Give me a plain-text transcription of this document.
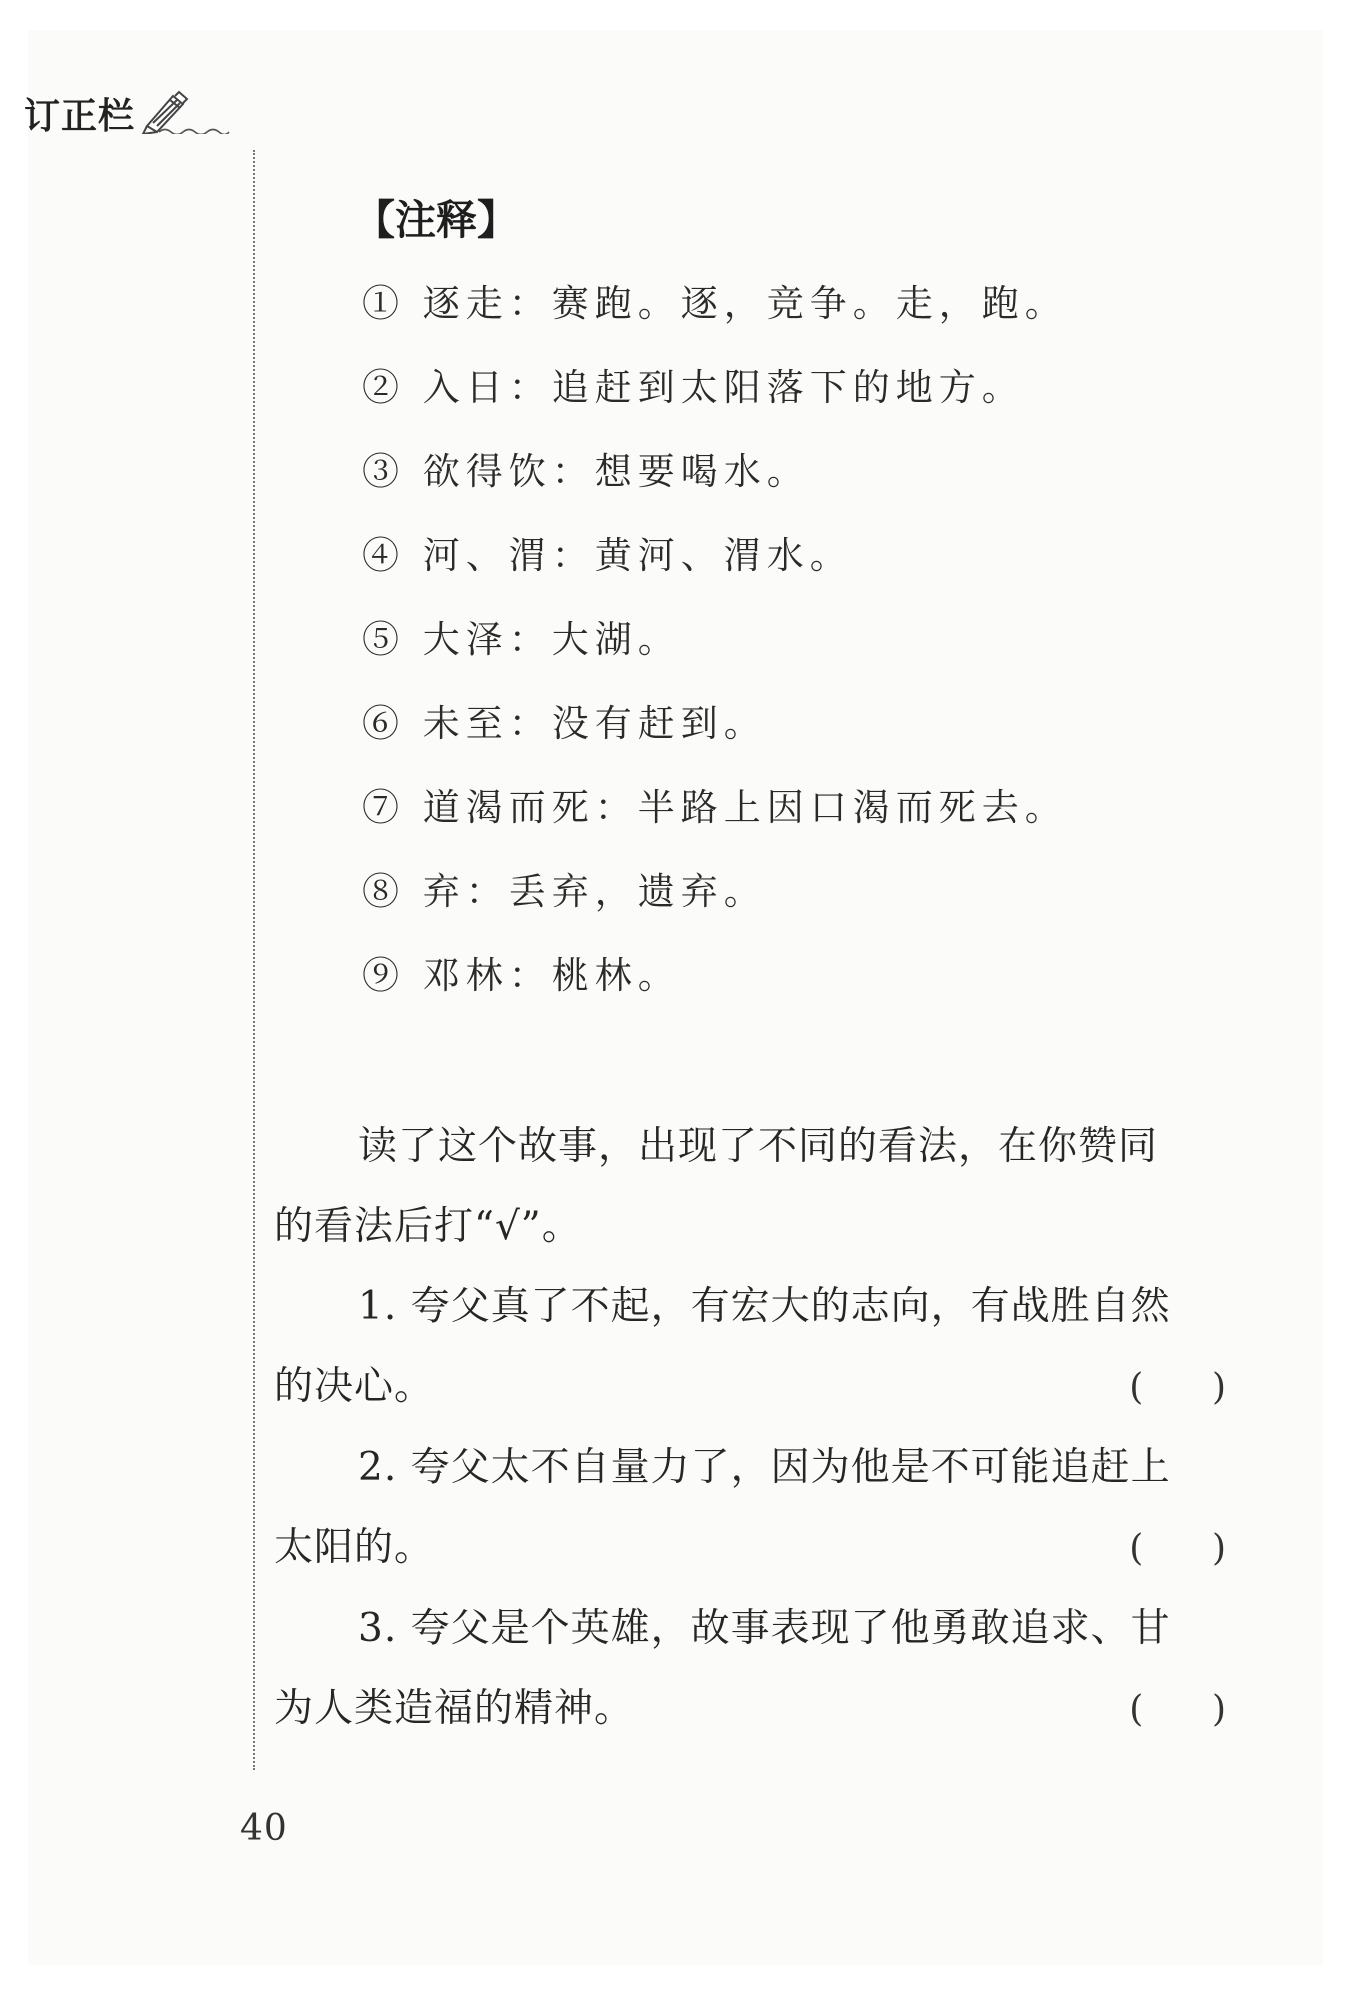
订正栏
【注释】
① 逐走：赛跑。逐，竞争。走，跑。
② 入日：追赶到太阳落下的地方。
③ 欲得饮：想要喝水。
④ 河、渭：黄河、渭水。
⑤ 大泽：大湖。
⑥ 未至：没有赶到。
⑦ 道渴而死：半路上因口渴而死去。
⑧ 弃：丢弃，遗弃。
⑨ 邓林：桃林。

读了这个故事，出现了不同的看法，在你赞同

的看法后打“√”。

1. 夸父真了不起，有宏大的志向，有战胜自然

的决心。	(      )

2. 夸父太不自量力了，因为他是不可能追赶上

太阳的。	(      )

3. 夸父是个英雄，故事表现了他勇敢追求、甘

为人类造福的精神。	(      )
40
